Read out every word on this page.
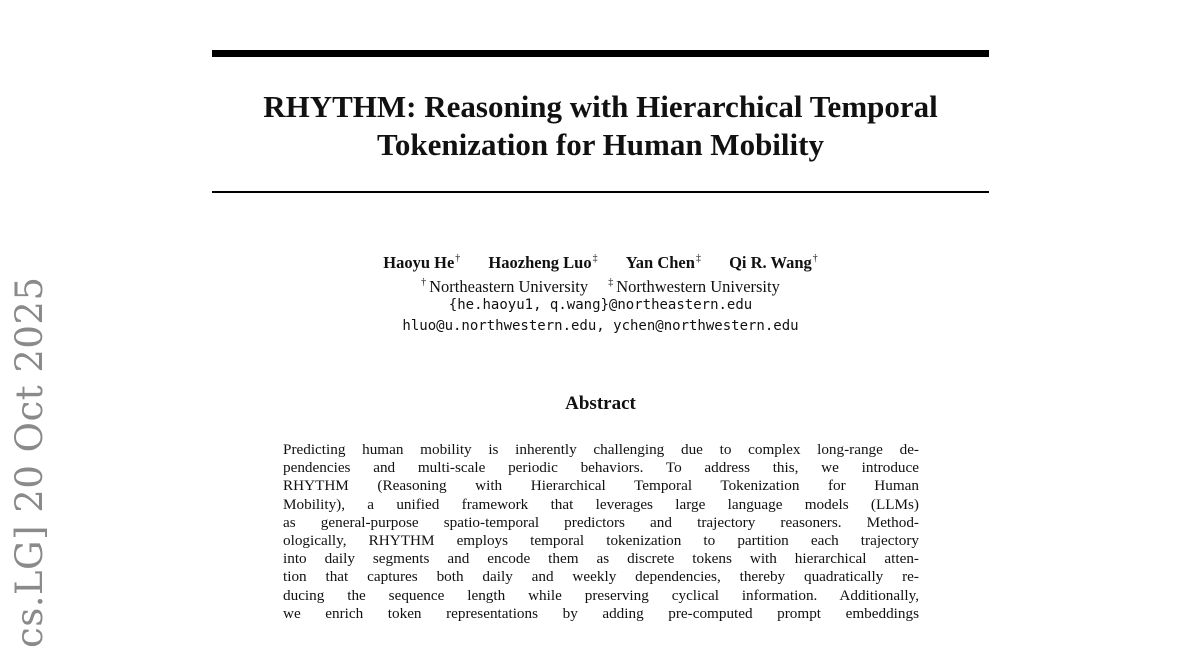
RHYTHM: Reasoning with Hierarchical Temporal
Tokenization for Human Mobility
Haoyu He† Haozheng Luo‡ Yan Chen‡ Qi R. Wang†
† Northeastern University ‡ Northwestern University
{he.haoyu1, q.wang}@northeastern.edu
hluo@u.northwestern.edu, ychen@northwestern.edu
Abstract
Predicting human mobility is inherently challenging due to complex long-range de-
pendencies and multi-scale periodic behaviors. To address this, we introduce
RHYTHM (Reasoning with Hierarchical Temporal Tokenization for Human
Mobility), a unified framework that leverages large language models (LLMs)
as general-purpose spatio-temporal predictors and trajectory reasoners. Method-
ologically, RHYTHM employs temporal tokenization to partition each trajectory
into daily segments and encode them as discrete tokens with hierarchical atten-
tion that captures both daily and weekly dependencies, thereby quadratically re-
ducing the sequence length while preserving cyclical information. Additionally,
we enrich token representations by adding pre-computed prompt embeddings
cs.LG] 20 Oct 2025
